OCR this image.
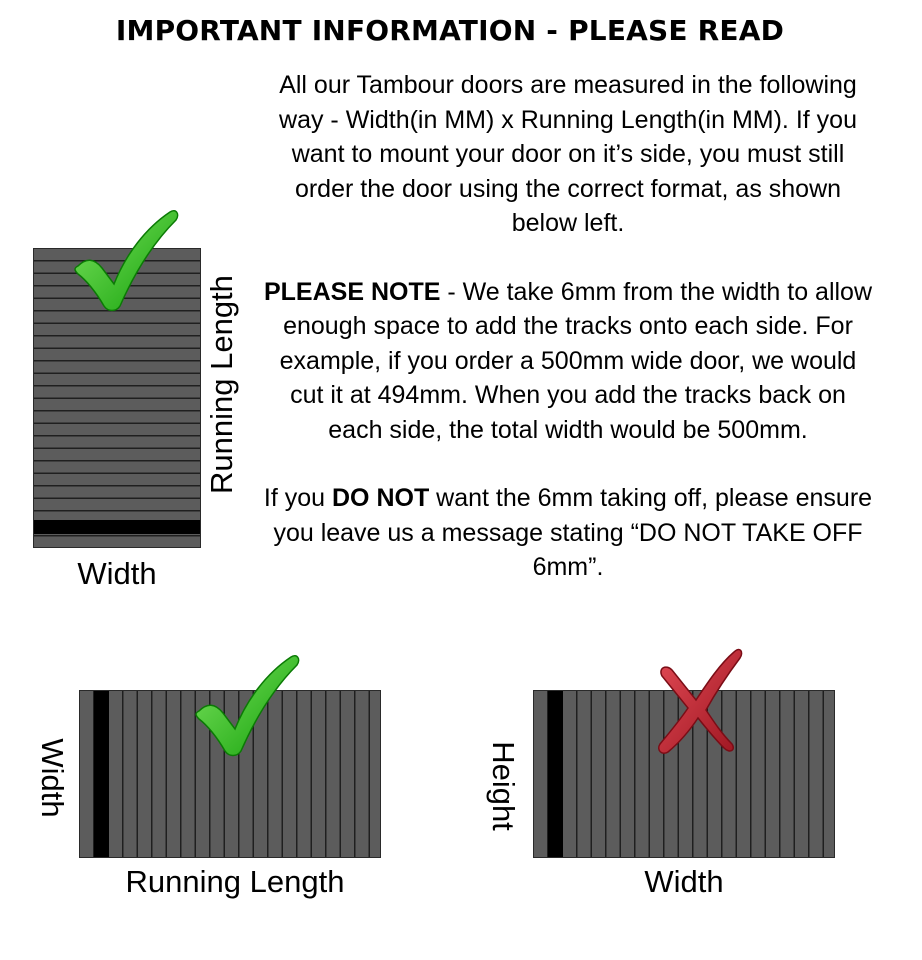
IMPORTANT INFORMATION - PLEASE READ

All our Tambour doors are measured in the following way - Width(in MM) x Running Length(in MM). If you want to mount your door on it’s side, you must still order the door using the correct format, as shown below left.

PLEASE NOTE - We take 6mm from the width to allow enough space to add the tracks onto each side. For example, if you order a 500mm wide door, we would cut it at 494mm. When you add the tracks back on each side, the total width would be 500mm.

If you DO NOT want the 6mm taking off, please ensure you leave us a message stating “DO NOT TAKE OFF 6mm”.

Running Length
Width
Width
Running Length
Height
Width
